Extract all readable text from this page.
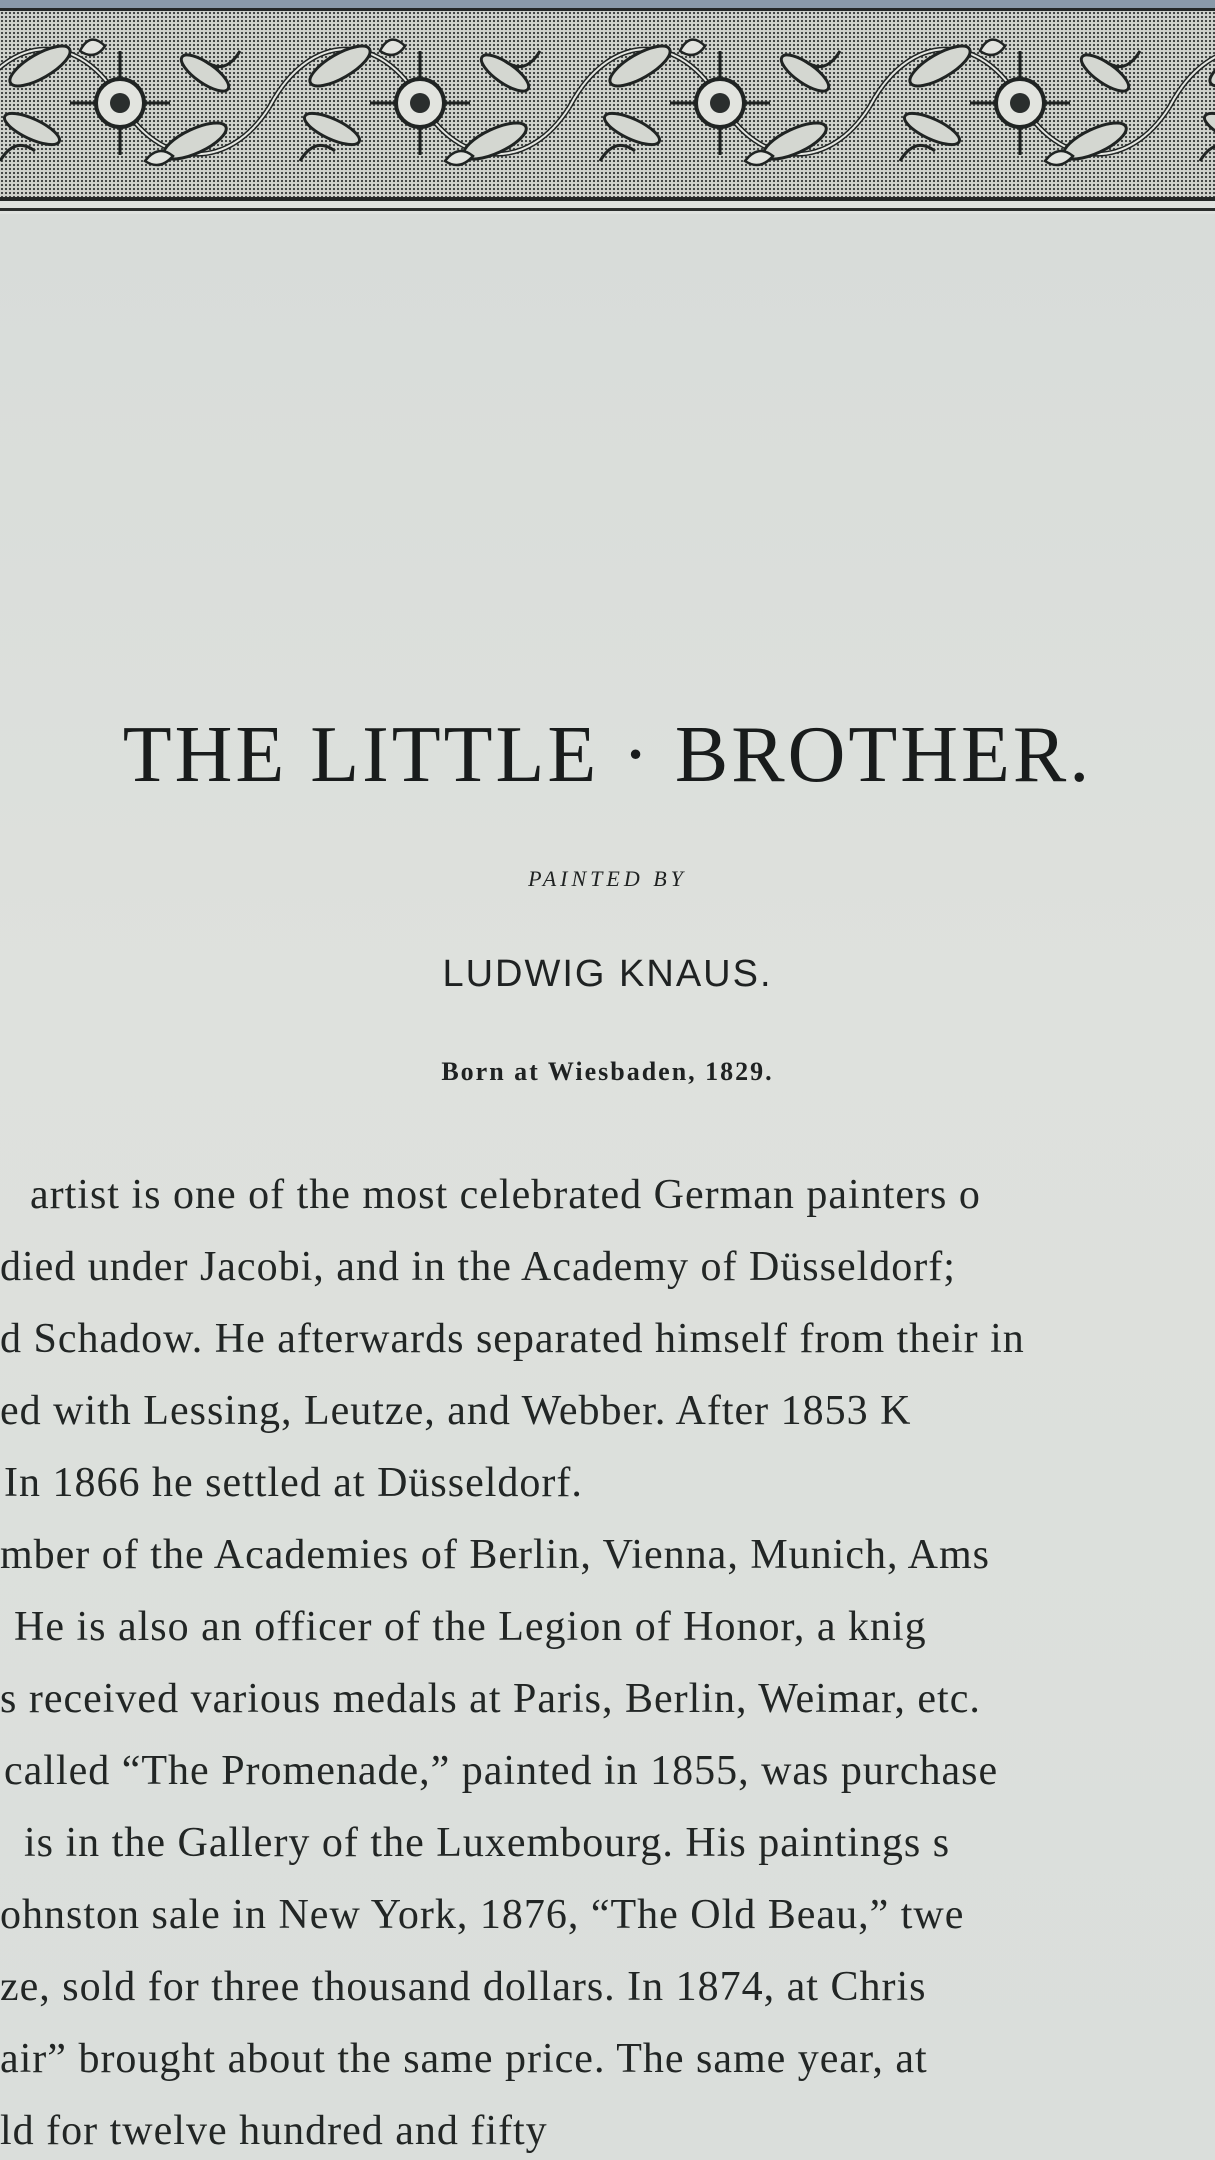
THE LITTLE · BROTHER.
PAINTED BY
LUDWIG KNAUS.
Born at Wiesbaden, 1829.
artist is one of the most celebrated German painters o
died under Jacobi, and in the Academy of Düsseldorf;
d Schadow. He afterwards separated himself from their in
ed with Lessing, Leutze, and Webber. After 1853 K
In 1866 he settled at Düsseldorf.
mber of the Academies of Berlin, Vienna, Munich, Ams
He is also an officer of the Legion of Honor, a knig
s received various medals at Paris, Berlin, Weimar, etc.
called “The Promenade,” painted in 1855, was purchase
is in the Gallery of the Luxembourg. His paintings s
ohnston sale in New York, 1876, “The Old Beau,” twe
ze, sold for three thousand dollars. In 1874, at Chris
air” brought about the same price. The same year, at
ld for twelve hundred and fifty
